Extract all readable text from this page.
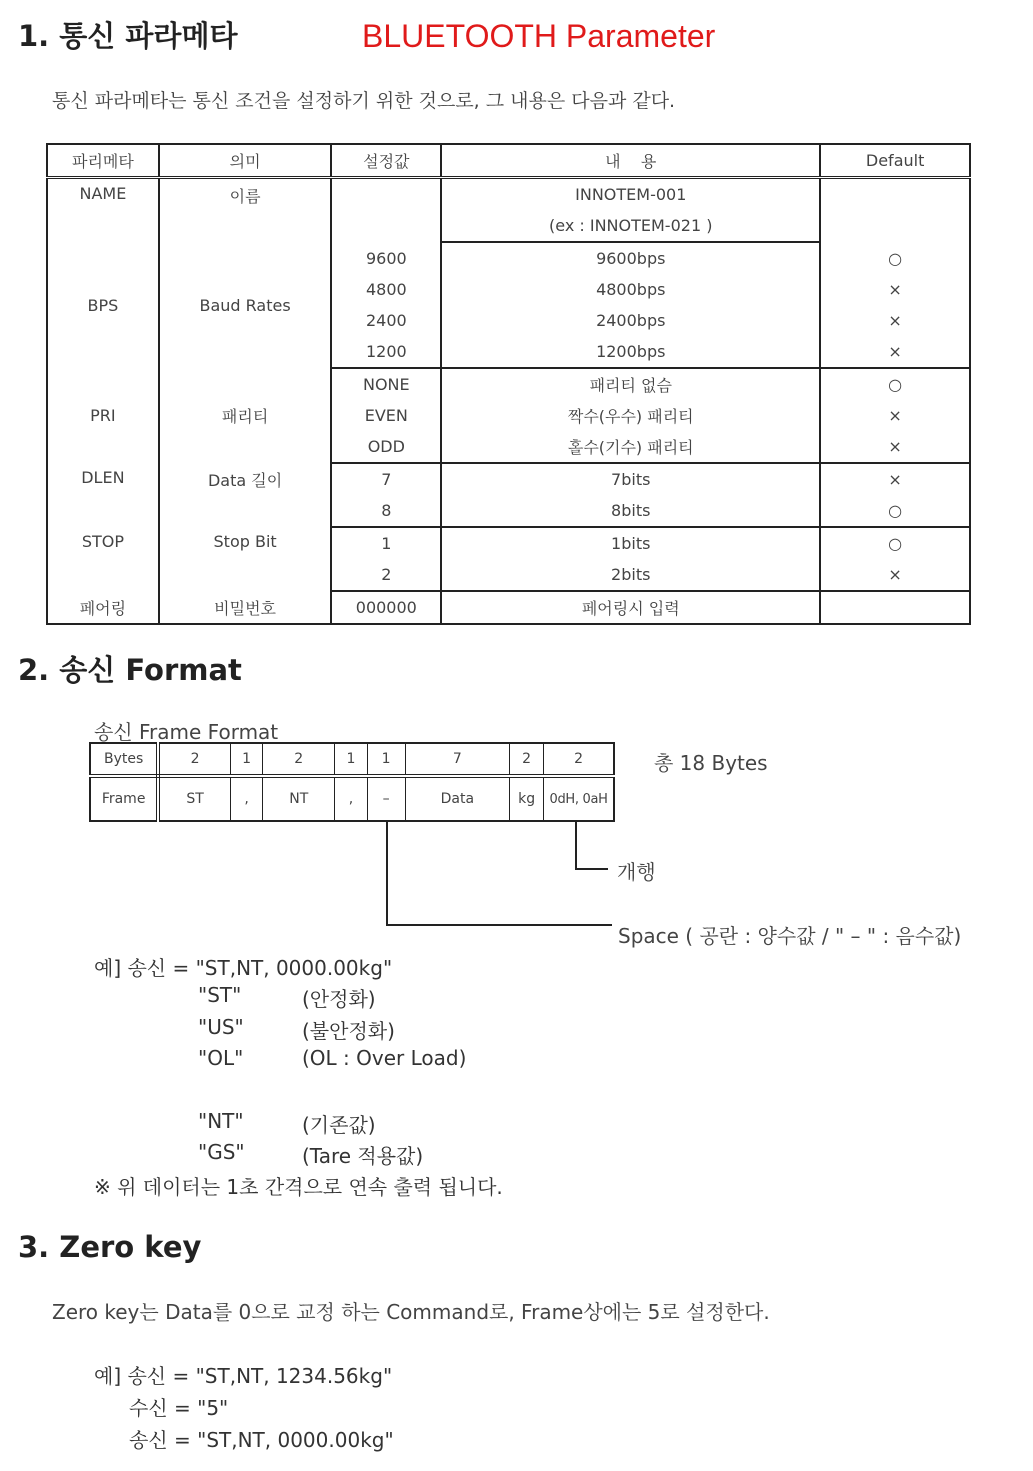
1. 통신 파라메타	BLUETOOTH Parameter
통신 파라메타는 통신 조건을 설정하기 위한 것으로, 그 내용은 다음과 같다.
파리메타	의미	설정값	내    용	Default
NAME	이름		INNOTEM-001	
			(ex : INNOTEM-021 )	
BPS	Baud Rates	9600	9600bps	○
		4800	4800bps	×
		2400	2400bps	×
		1200	1200bps	×
PRI	패리티	NONE	패리티 없슴	○
		EVEN	짝수(우수) 패리티	×
		ODD	홀수(기수) 패리티	×
DLEN	Data 길이	7	7bits	×
		8	8bits	○
STOP	Stop Bit	1	1bits	○
		2	2bits	×
페어링	비밀번호	000000	페어링시 입력	
2. 송신 Format
송신 Frame Format
Bytes	2	1	2	1	1	7	2	2
Frame	ST	,	NT	,	–	Data	kg	0dH, 0aH
총 18 Bytes
개행
Space ( 공란 : 양수값 / " – " : 음수값)
예] 송신 = "ST,NT, 0000.00kg"
"ST"	(안정화)
"US"	(불안정화)
"OL"	(OL : Over Load)
"NT"	(기존값)
"GS"	(Tare 적용값)
※ 위 데이터는 1초 간격으로 연속 출력 됩니다.
3. Zero key
Zero key는 Data를 0으로 교정 하는 Command로, Frame상에는 5로 설정한다.
예] 송신 = "ST,NT, 1234.56kg"
수신 = "5"
송신 = "ST,NT, 0000.00kg"
